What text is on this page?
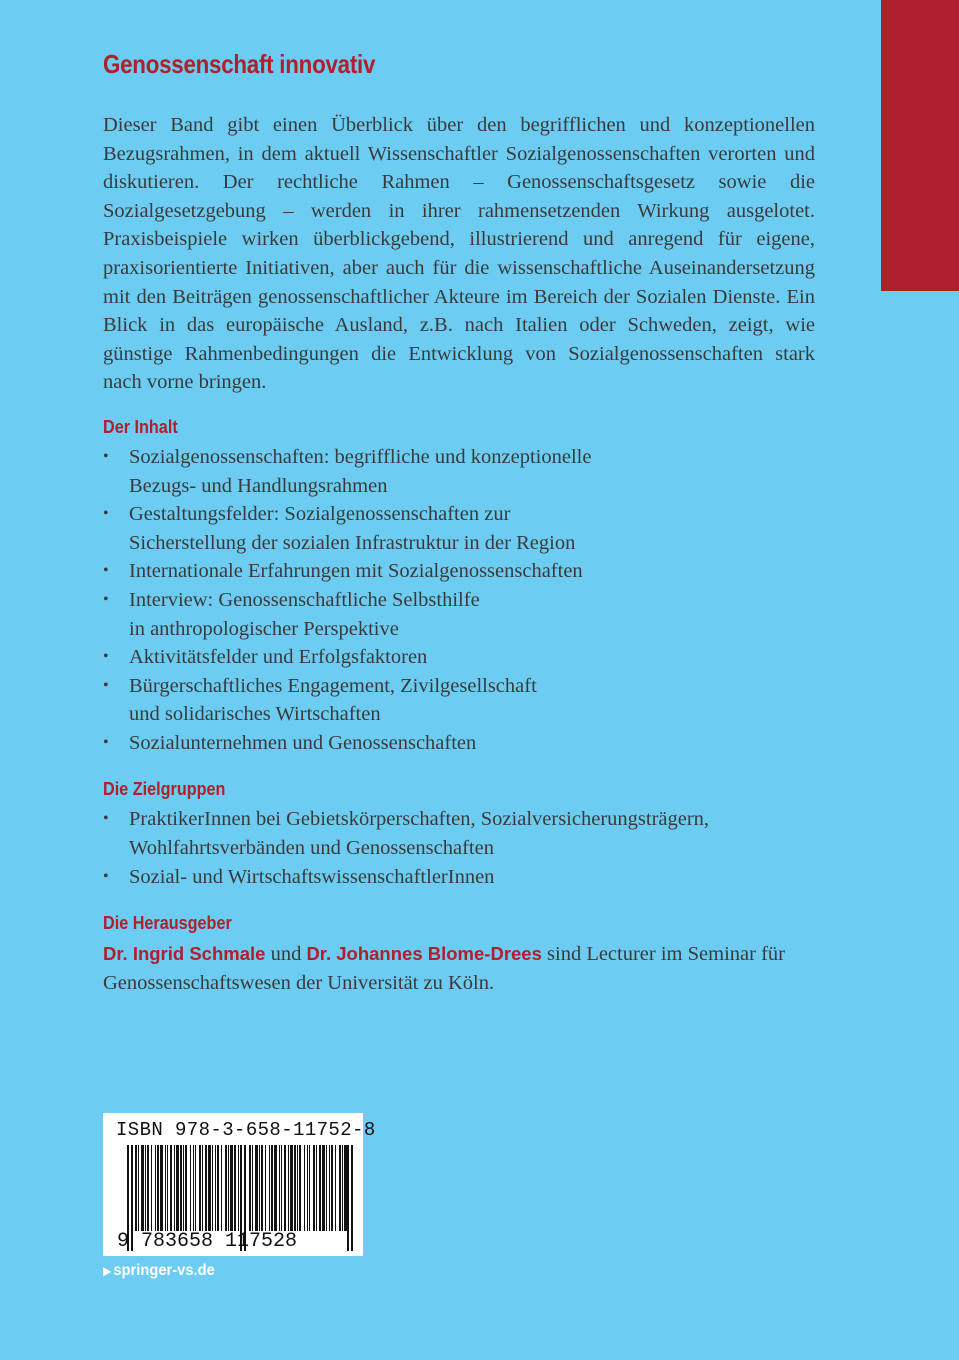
Genossenschaft innovativ

Dieser Band gibt einen Überblick über den begrifflichen und konzeptionellen Bezugsrahmen, in dem aktuell Wissenschaftler Sozialgenossenschaften verorten und diskutieren. Der rechtliche Rahmen – Genossenschaftsgesetz sowie die Sozialgesetzgebung – werden in ihrer rahmensetzenden Wirkung ausgelotet. Praxisbeispiele wirken überblickgebend, illustrierend und anregend für eigene, praxisorientierte Initiativen, aber auch für die wissenschaftliche Auseinandersetzung mit den Beiträgen genossenschaftlicher Akteure im Bereich der Sozialen Dienste. Ein Blick in das europäische Ausland, z.B. nach Italien oder Schweden, zeigt, wie günstige Rahmenbedingungen die Entwicklung von Sozialgenossenschaften stark nach vorne bringen.

Der Inhalt
• Sozialgenossenschaften: begriffliche und konzeptionelle
Bezugs- und Handlungsrahmen
• Gestaltungsfelder: Sozialgenossenschaften zur
Sicherstellung der sozialen Infrastruktur in der Region
• Internationale Erfahrungen mit Sozialgenossenschaften
• Interview: Genossenschaftliche Selbsthilfe
in anthropologischer Perspektive
• Aktivitätsfelder und Erfolgsfaktoren
• Bürgerschaftliches Engagement, Zivilgesellschaft
und solidarisches Wirtschaften
• Sozialunternehmen und Genossenschaften
Die Zielgruppen
• PraktikerInnen bei Gebietskörperschaften, Sozialversicherungsträgern,
Wohlfahrtsverbänden und Genossenschaften
• Sozial- und WirtschaftswissenschaftlerInnen
Die Herausgeber

Dr. Ingrid Schmale und Dr. Johannes Blome-Drees sind Lecturer im Seminar für Genossenschaftswesen der Universität zu Köln.

ISBN 978-3-658-11752-8
9 783658 117528
▶ springer-vs.de
